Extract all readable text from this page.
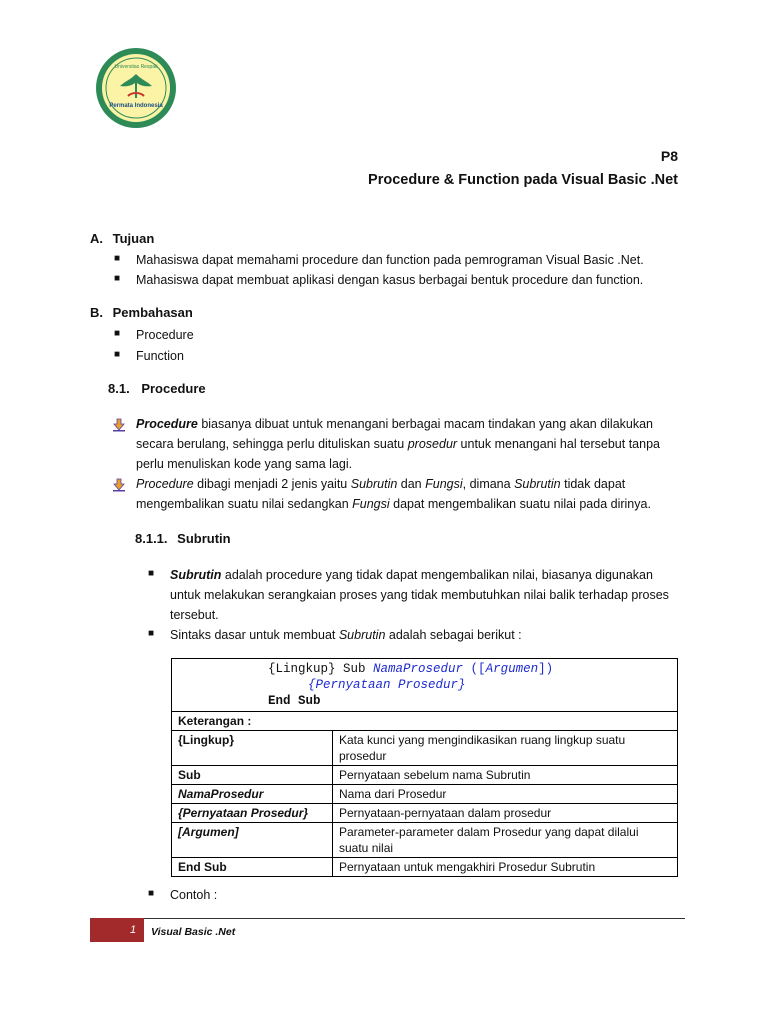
Universitas Respati
Permata Indonesia
P8
Procedure & Function pada Visual Basic .Net
A. Tujuan
■	Mahasiswa dapat memahami procedure dan function pada pemrograman Visual Basic .Net.
■	Mahasiswa dapat membuat aplikasi dengan kasus berbagai bentuk procedure dan function.
B. Pembahasan
■	Procedure
■	Function
8.1. Procedure
Procedure biasanya dibuat untuk menangani berbagai macam tindakan yang akan dilakukan
secara berulang, sehingga perlu dituliskan suatu prosedur untuk menangani hal tersebut tanpa
perlu menuliskan kode yang sama lagi.
Procedure dibagi menjadi 2 jenis yaitu Subrutin dan Fungsi, dimana Subrutin tidak dapat
mengembalikan suatu nilai sedangkan Fungsi dapat mengembalikan suatu nilai pada dirinya.
8.1.1. Subrutin
■	Subrutin adalah procedure yang tidak dapat mengembalikan nilai, biasanya digunakan
untuk melakukan serangkaian proses yang tidak membutuhkan nilai balik terhadap proses
tersebut.
■	Sintaks dasar untuk membuat Subrutin adalah sebagai berikut :
{Lingkup} Sub NamaProsedur ([Argumen])
{Pernyataan Prosedur}
End Sub	

Keterangan :	
{Lingkup}	Kata kunci yang mengindikasikan ruang lingkup suatu prosedur
Sub	Pernyataan sebelum nama Subrutin
NamaProsedur	Nama dari Prosedur
{Pernyataan Prosedur}	Pernyataan-pernyataan dalam prosedur
[Argumen]	Parameter-parameter dalam Prosedur yang dapat dilalui suatu nilai
End Sub	Pernyataan untuk mengakhiri Prosedur Subrutin
■	Contoh :
1 Visual Basic .Net
